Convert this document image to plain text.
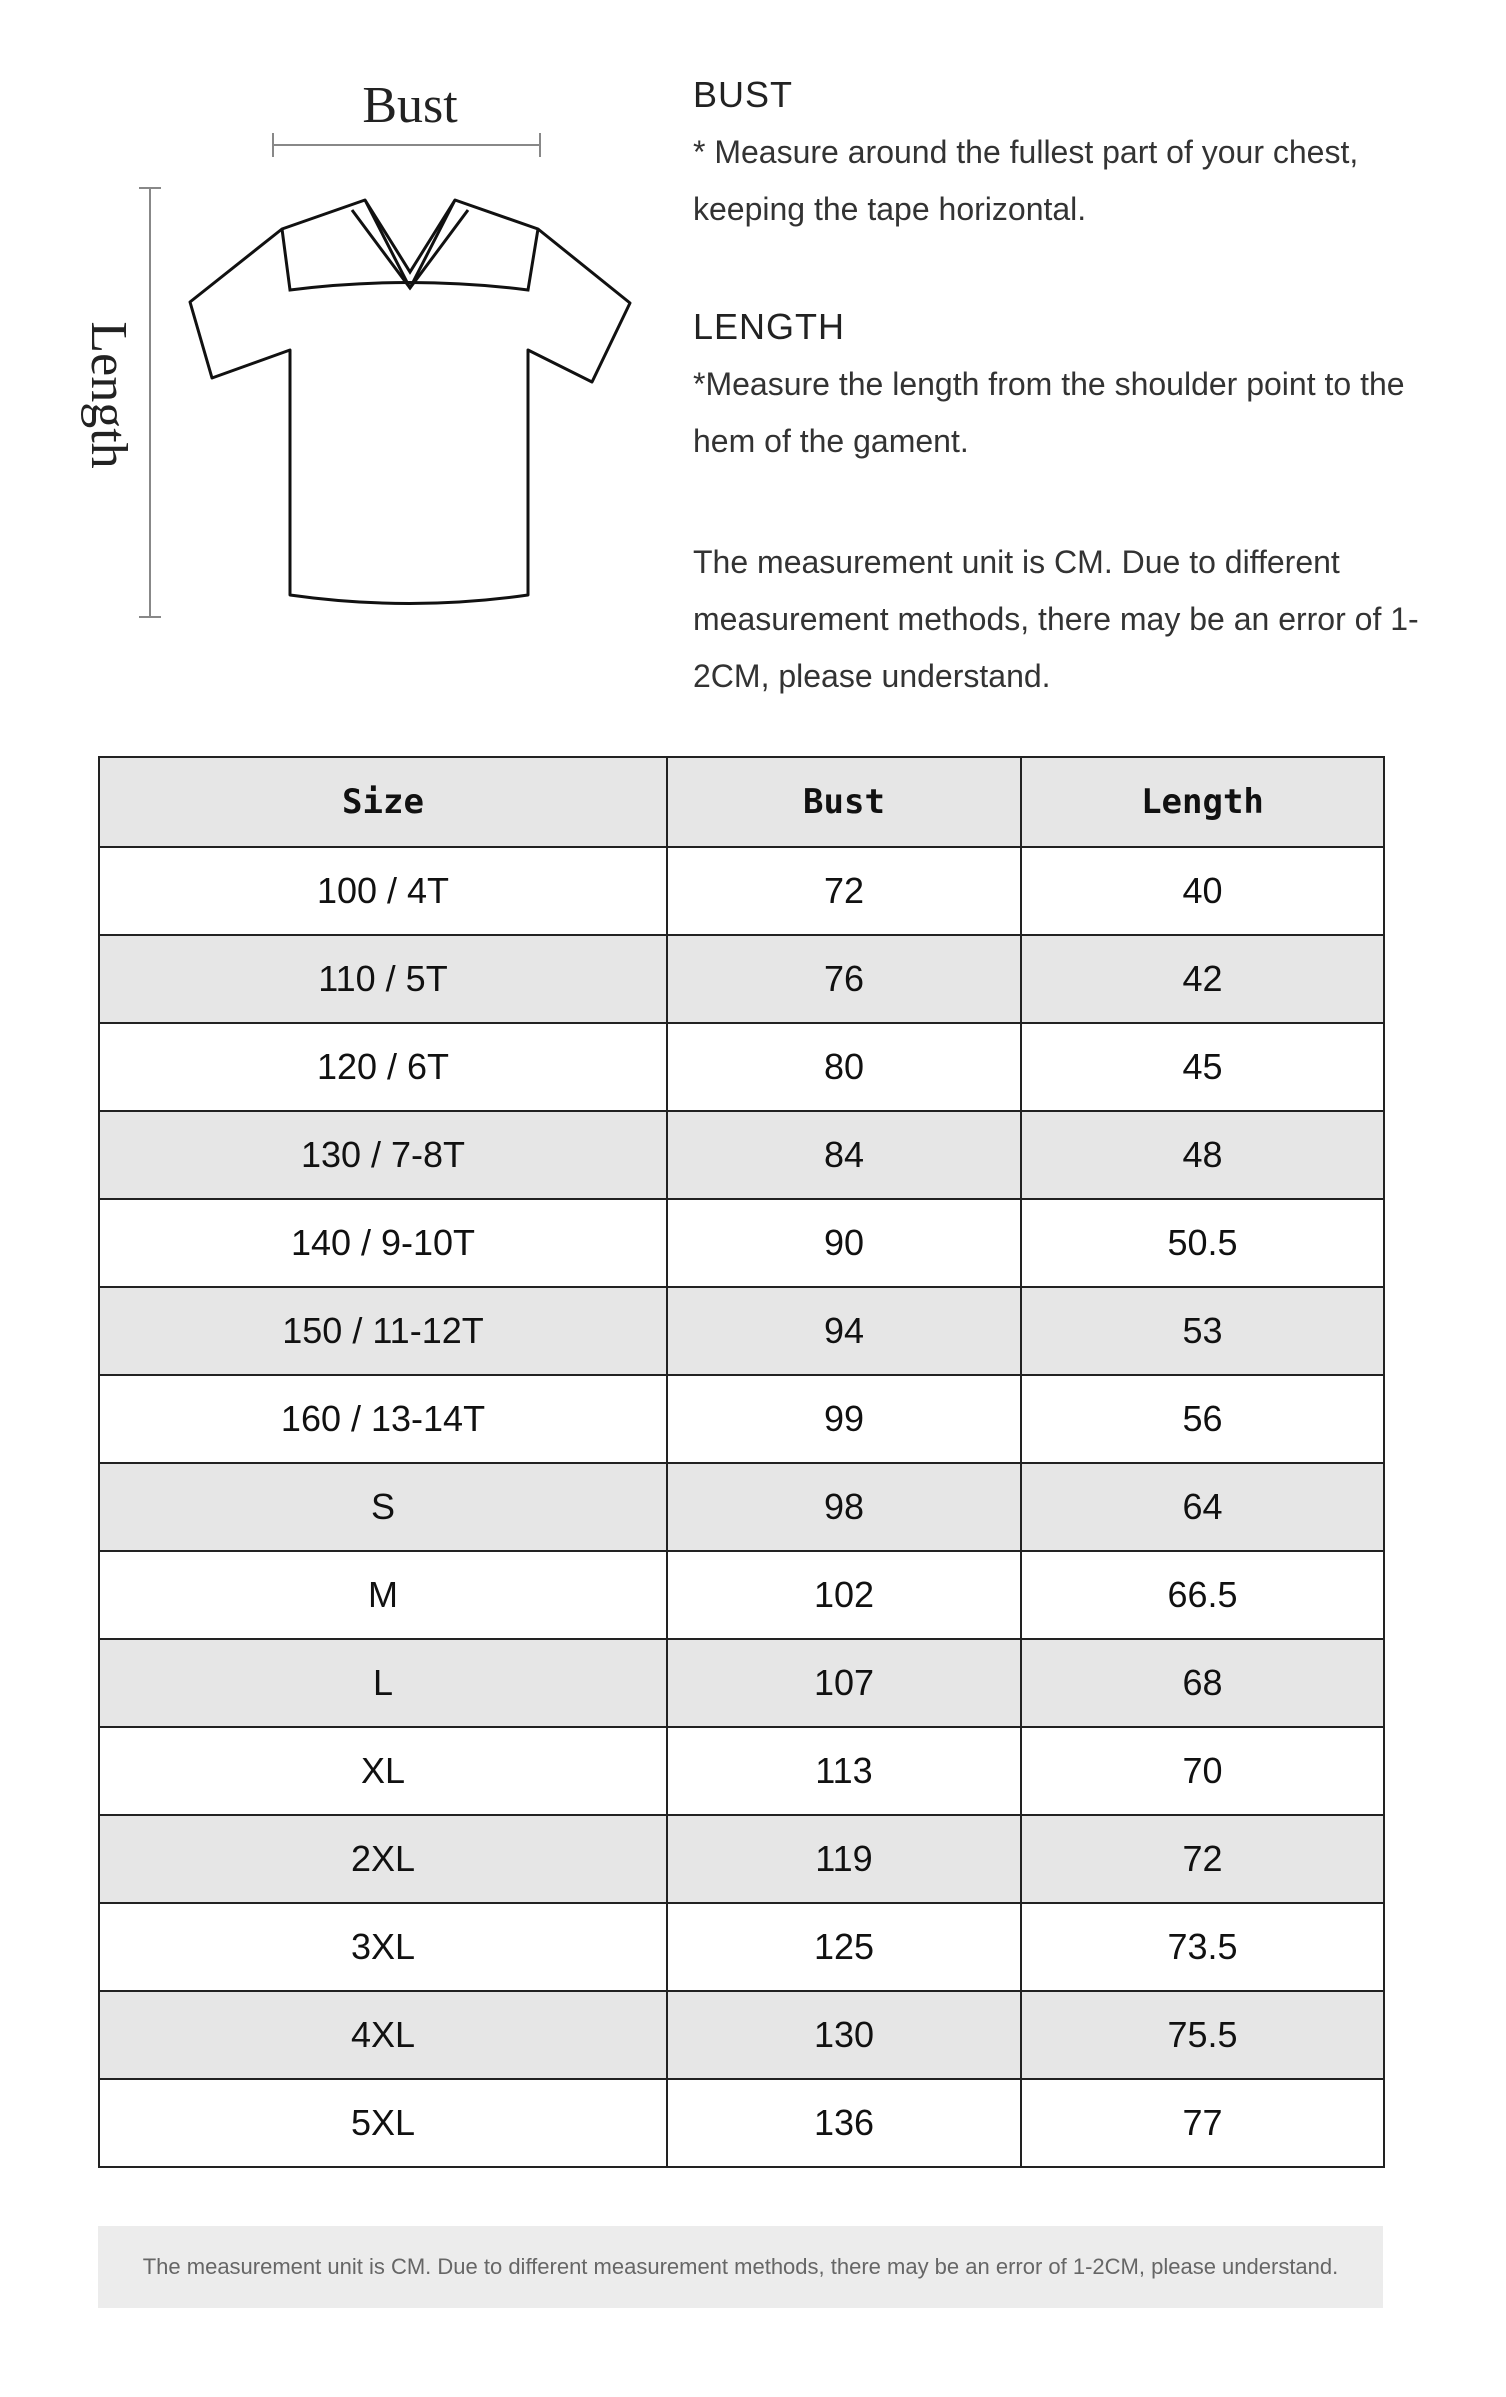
Bust
Length
BUST
* Measure around the fullest part of your chest, keeping the tape horizontal.
LENGTH
*Measure the length from the shoulder point to the hem of the gament.
The measurement unit is CM. Due to different measurement methods, there may be an error of 1-2CM, please understand.
Size	Bust	Length
100 / 4T	72	40
110 / 5T	76	42
120 / 6T	80	45
130 / 7-8T	84	48
140 / 9-10T	90	50.5
150 / 11-12T	94	53
160 / 13-14T	99	56
S	98	64
M	102	66.5
L	107	68
XL	113	70
2XL	119	72
3XL	125	73.5
4XL	130	75.5
5XL	136	77
The measurement unit is CM. Due to different measurement methods, there may be an error of 1-2CM, please understand.
